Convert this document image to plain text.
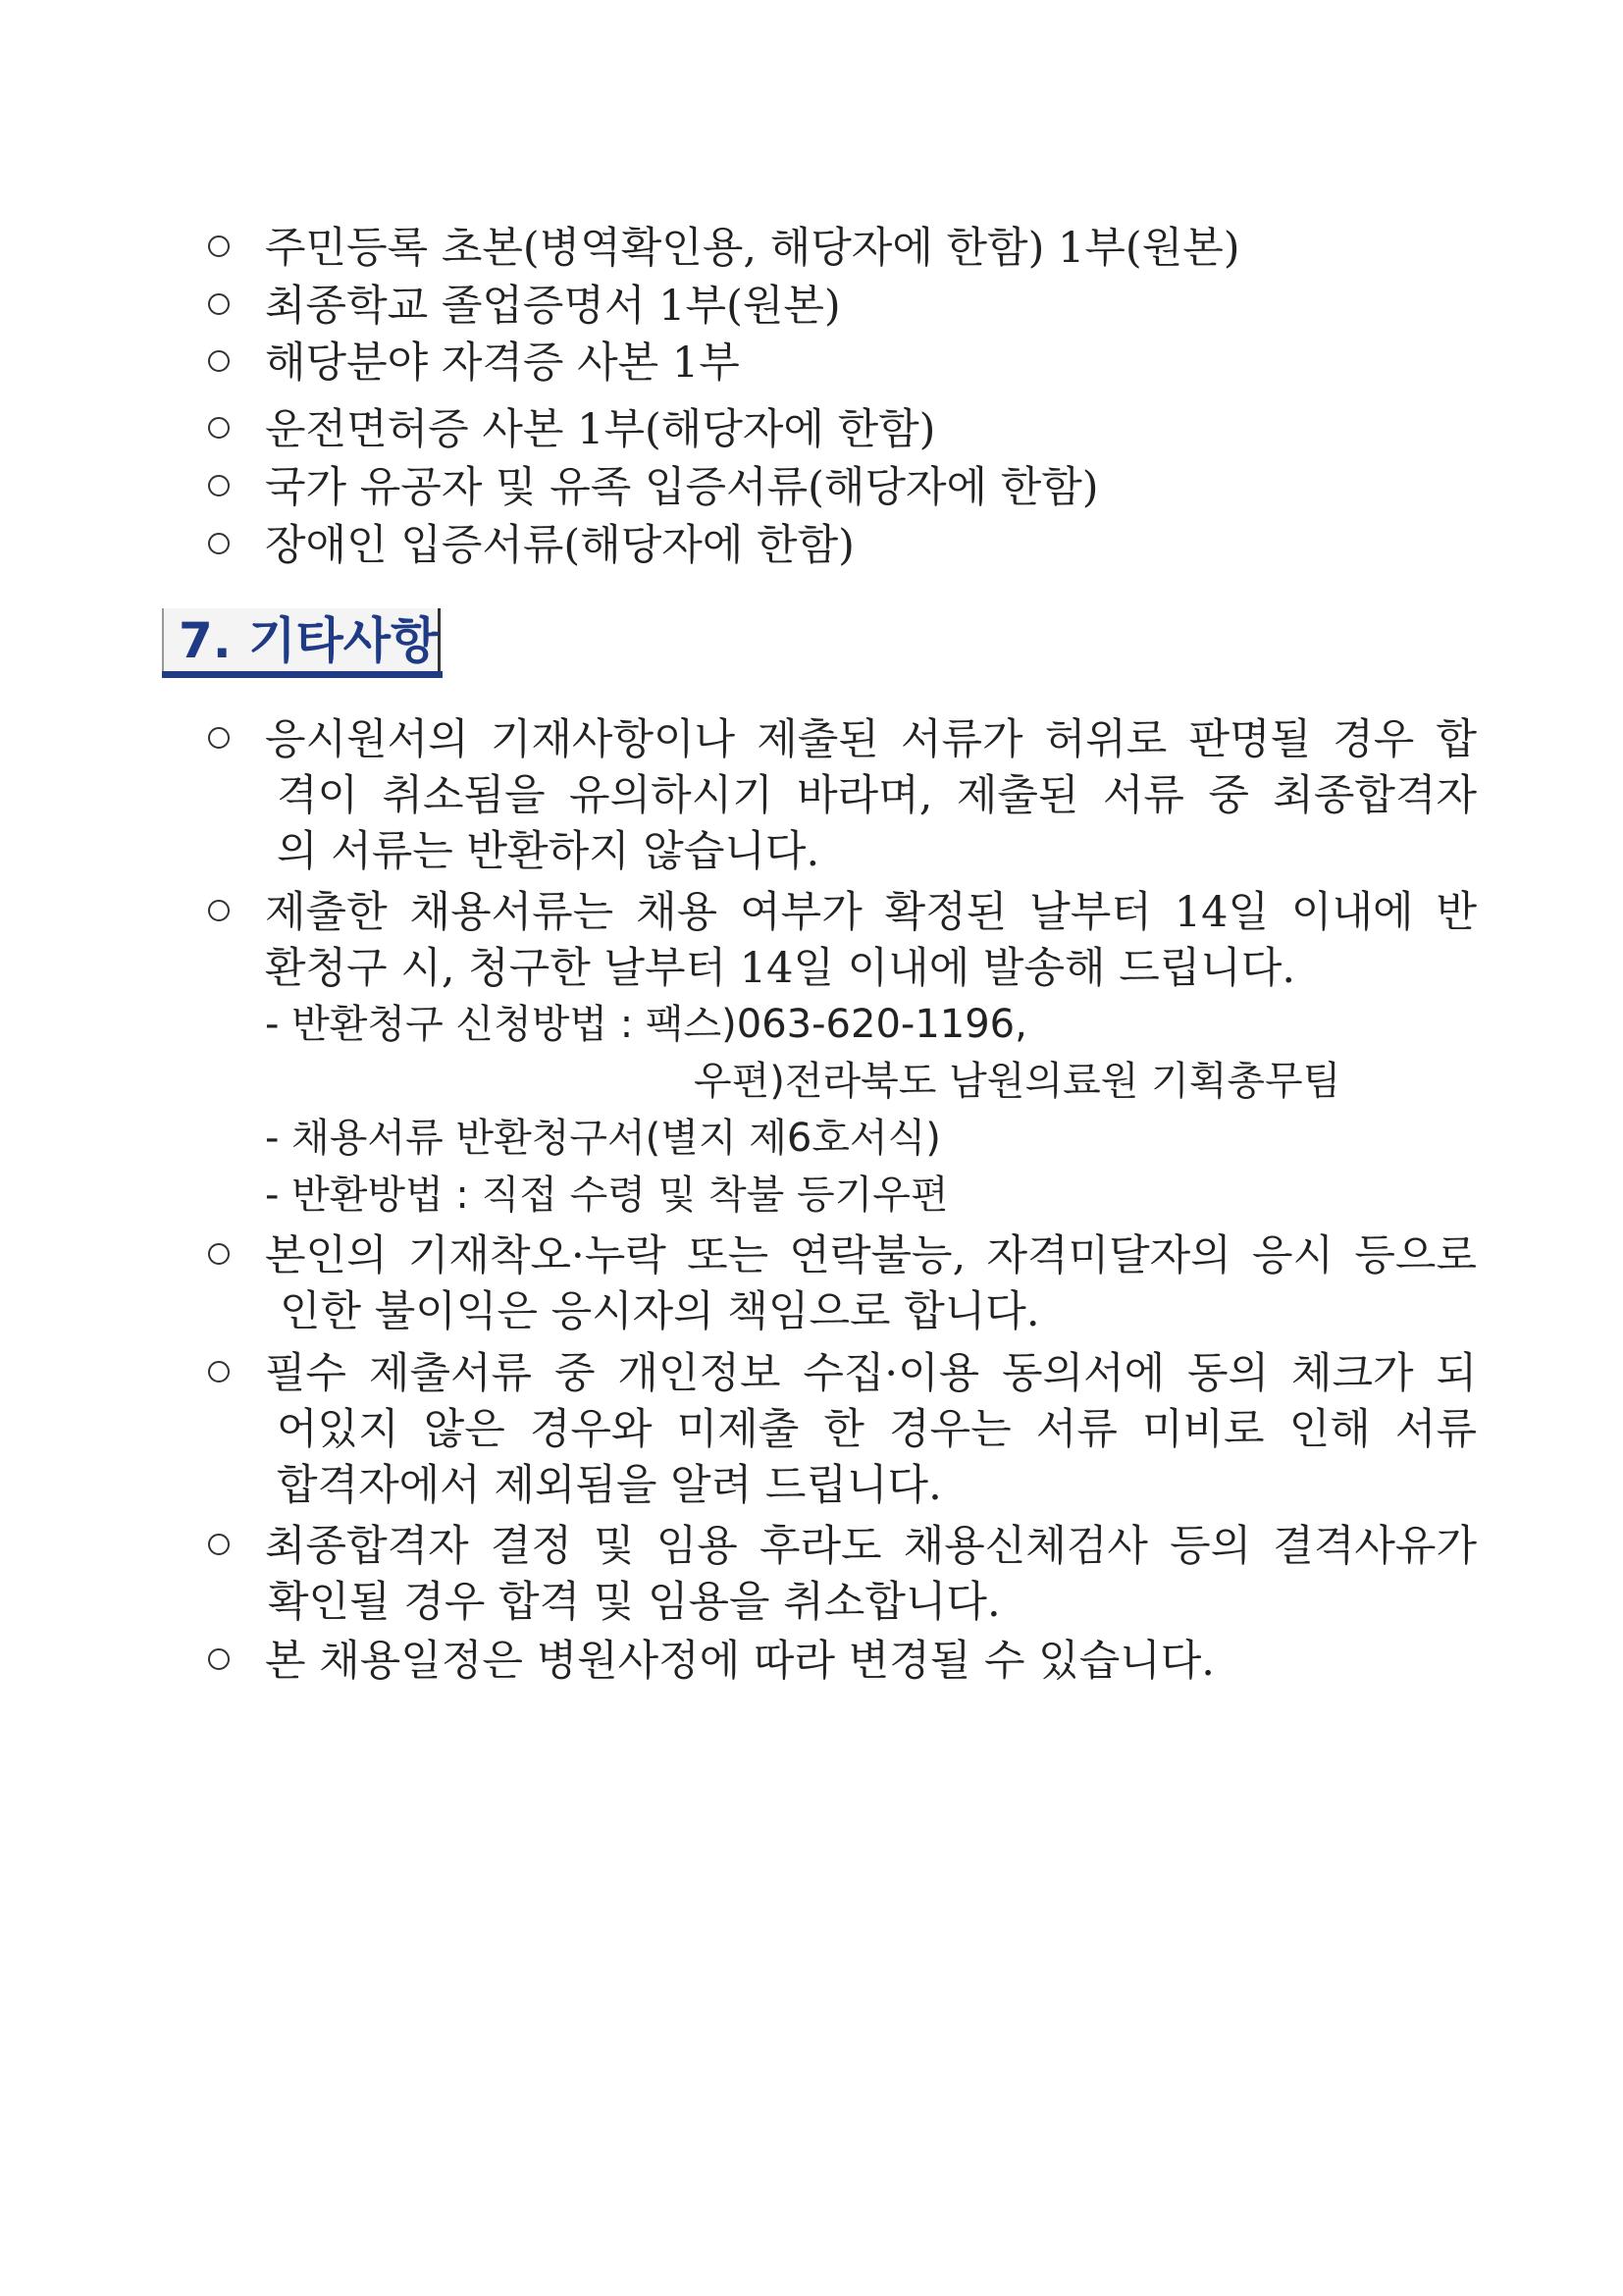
주민등록 초본(병역확인용, 해당자에 한함) 1부(원본)
최종학교 졸업증명서 1부(원본)
해당분야 자격증 사본 1부
운전면허증 사본 1부(해당자에 한함)
국가 유공자 및 유족 입증서류(해당자에 한함)
장애인 입증서류(해당자에 한함)
7. 기타사항
응시원서의 기재사항이나 제출된 서류가 허위로 판명될 경우 합
격이 취소됨을 유의하시기 바라며, 제출된 서류 중 최종합격자
의 서류는 반환하지 않습니다.
제출한 채용서류는 채용 여부가 확정된 날부터 14일 이내에 반
환청구 시, 청구한 날부터 14일 이내에 발송해 드립니다.
- 반환청구 신청방법 : 팩스)063-620-1196,
우편)전라북도 남원의료원 기획총무팀
- 채용서류 반환청구서(별지 제6호서식)
- 반환방법 : 직접 수령 및 착불 등기우편
본인의 기재착오·누락 또는 연락불능, 자격미달자의 응시 등으로
인한 불이익은 응시자의 책임으로 합니다.
필수 제출서류 중 개인정보 수집·이용 동의서에 동의 체크가 되
어있지 않은 경우와 미제출 한 경우는 서류 미비로 인해 서류
합격자에서 제외됨을 알려 드립니다.
최종합격자 결정 및 임용 후라도 채용신체검사 등의 결격사유가
확인될 경우 합격 및 임용을 취소합니다.
본 채용일정은 병원사정에 따라 변경될 수 있습니다.
